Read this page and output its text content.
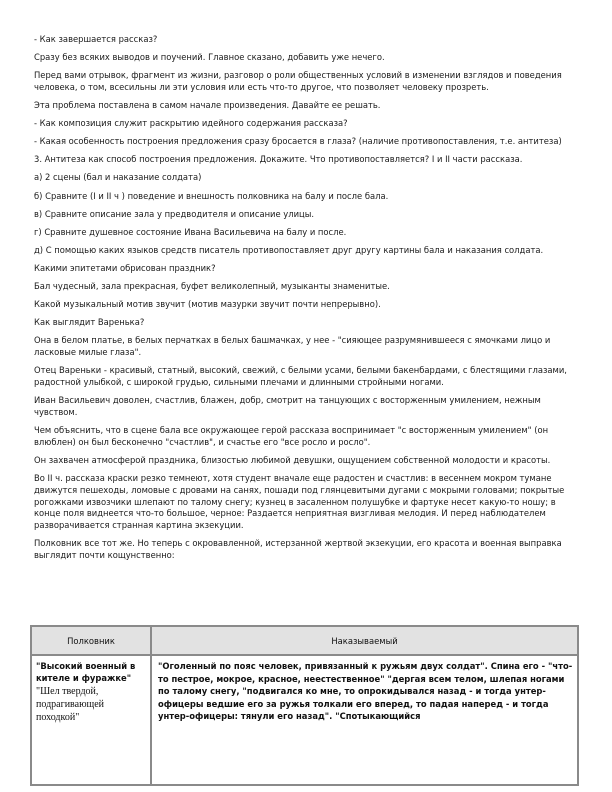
- Как завершается рассказ?

Сразу без всяких выводов и поучений. Главное сказано, добавить уже нечего.

Перед вами отрывок, фрагмент из жизни, разговор о роли общественных условий в изменении взглядов и поведения человека, о том, всесильны ли эти условия или есть что-то другое, что позволяет человеку прозреть.

Эта проблема поставлена в самом начале произведения. Давайте ее решать.

- Как композиция служит раскрытию идейного содержания рассказа?

- Какая особенность построения предложения сразу бросается в глаза? (наличие противопоставления, т.е. антитеза)

3. Антитеза как способ построения предложения. Докажите. Что противопоставляется? I и II части рассказа.

а) 2 сцены (бал и наказание солдата)

б) Сравните (I и II ч ) поведение и внешность полковника на балу и после бала.

в) Сравните описание зала у предводителя и описание улицы.

г) Сравните душевное состояние Ивана Васильевича на балу и после.

д) С помощью каких языков средств писатель противопоставляет друг другу картины бала и наказания солдата.

Какими эпитетами обрисован праздник?

Бал чудесный, зала прекрасная, буфет великолепный, музыканты знаменитые.

Какой музыкальный мотив звучит (мотив мазурки звучит почти непрерывно).

Как выглядит Варенька?

Она в белом платье, в белых перчатках в белых башмачках, у нее - "сияющее разрумянившееся с ямочками лицо и ласковые милые глаза".

Отец Вареньки - красивый, статный, высокий, свежий, с белыми усами, белыми бакенбардами, с блестящими глазами, радостной улыбкой, с широкой грудью, сильными плечами и длинными стройными ногами.

Иван Васильевич доволен, счастлив, блажен, добр, смотрит на танцующих с восторженным умилением, нежным чувством.

Чем объяснить, что в сцене бала все окружающее герой рассказа воспринимает "с восторженным умилением" (он влюблен) он был бесконечно "счастлив", и счастье его "все росло и росло".

Он захвачен атмосферой праздника, близостью любимой девушки, ощущением собственной молодости и красоты.

Во II ч. рассказа краски резко темнеют, хотя студент вначале еще радостен и счастлив: в весеннем мокром тумане движутся пешеходы, ломовые с дровами на санях, пошади под глянцевитыми дугами с мокрыми головами; покрытые рогожками извозчики шлепают по талому снегу; кузнец в засаленном полушубке и фартуке несет какую-то ношу; в конце поля виднеется что-то большое, черное: Раздается неприятная визгливая мелодия. И перед наблюдателем разворачивается странная картина экзекуции.

Полковник все тот же. Но теперь с окровавленной, истерзанной жертвой экзекуции, его красота и военная выправка выглядит почти кощунственно:

Полковник	Наказываемый

"Высокий военный в кителе и фуражке"
"Шел твердой, подрагивающей походкой"	"Оголенный по пояс человек, привязанный к ружьям двух солдат". Спина его - "что-то пестрое, мокрое, красное, неестественное" "дергая всем телом, шлепая ногами по талому снегу, "подвигался ко мне, то опрокидывался назад - и тогда унтер-офицеры ведшие его за ружья толкали его вперед, то падая наперед - и тогда унтер-офицеры: тянули его назад". "Спотыкающийся
